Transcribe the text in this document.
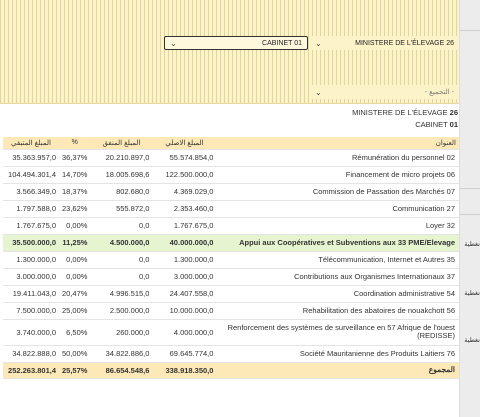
⌄	CABINET 01 ⌄	MINISTERE DE L'ÉLEVAGE 26
⌄	- التجميع -
نغطية
نغطية
نغطية
MINISTERE DE L'ÉLEVAGE 26
CABINET 01
المبلغ المتبقي	%	المبلغ المنفق	المبلغ الاصلي	العنوان
35.363.957,0	36,37%	20.210.897,0	55.574.854,0	Rémunération du personnel 02
104.494.301,4	14,70%	18.005.698,6	122.500.000,0	Financement de micro projets 06
3.566.349,0	18,37%	802.680,0	4.369.029,0	Commission de Passation des Marchés 07
1.797.588,0	23,62%	555.872,0	2.353.460,0	Communication 27
1.767.675,0	0,00%	0,0	1.767.675,0	Loyer 32
35.500.000,0	11,25%	4.500.000,0	40.000.000,0	Appui aux Coopératives et Subventions aux 33 PME/Elevage
1.300.000,0	0,00%	0,0	1.300.000,0	Télécommunication, Internet et Autres 35
3.000.000,0	0,00%	0,0	3.000.000,0	Contributions aux Organismes Internationaux 37
19.411.043,0	20,47%	4.996.515,0	24.407.558,0	Coordination administrative 54
7.500.000,0	25,00%	2.500.000,0	10.000.000,0	Rehabilitation des abatoires de nouakchott 56
3.740.000,0	6,50%	260.000,0	4.000.000,0	Renforcement des systèmes de surveillance en 57 Afrique de l'ouest (REDISSE)
34.822.888,0	50,00%	34.822.886,0	69.645.774,0	Société Mauritanienne des Produits Laitiers 76
252.263.801,4	25,57%	86.654.548,6	338.918.350,0	المجموع
